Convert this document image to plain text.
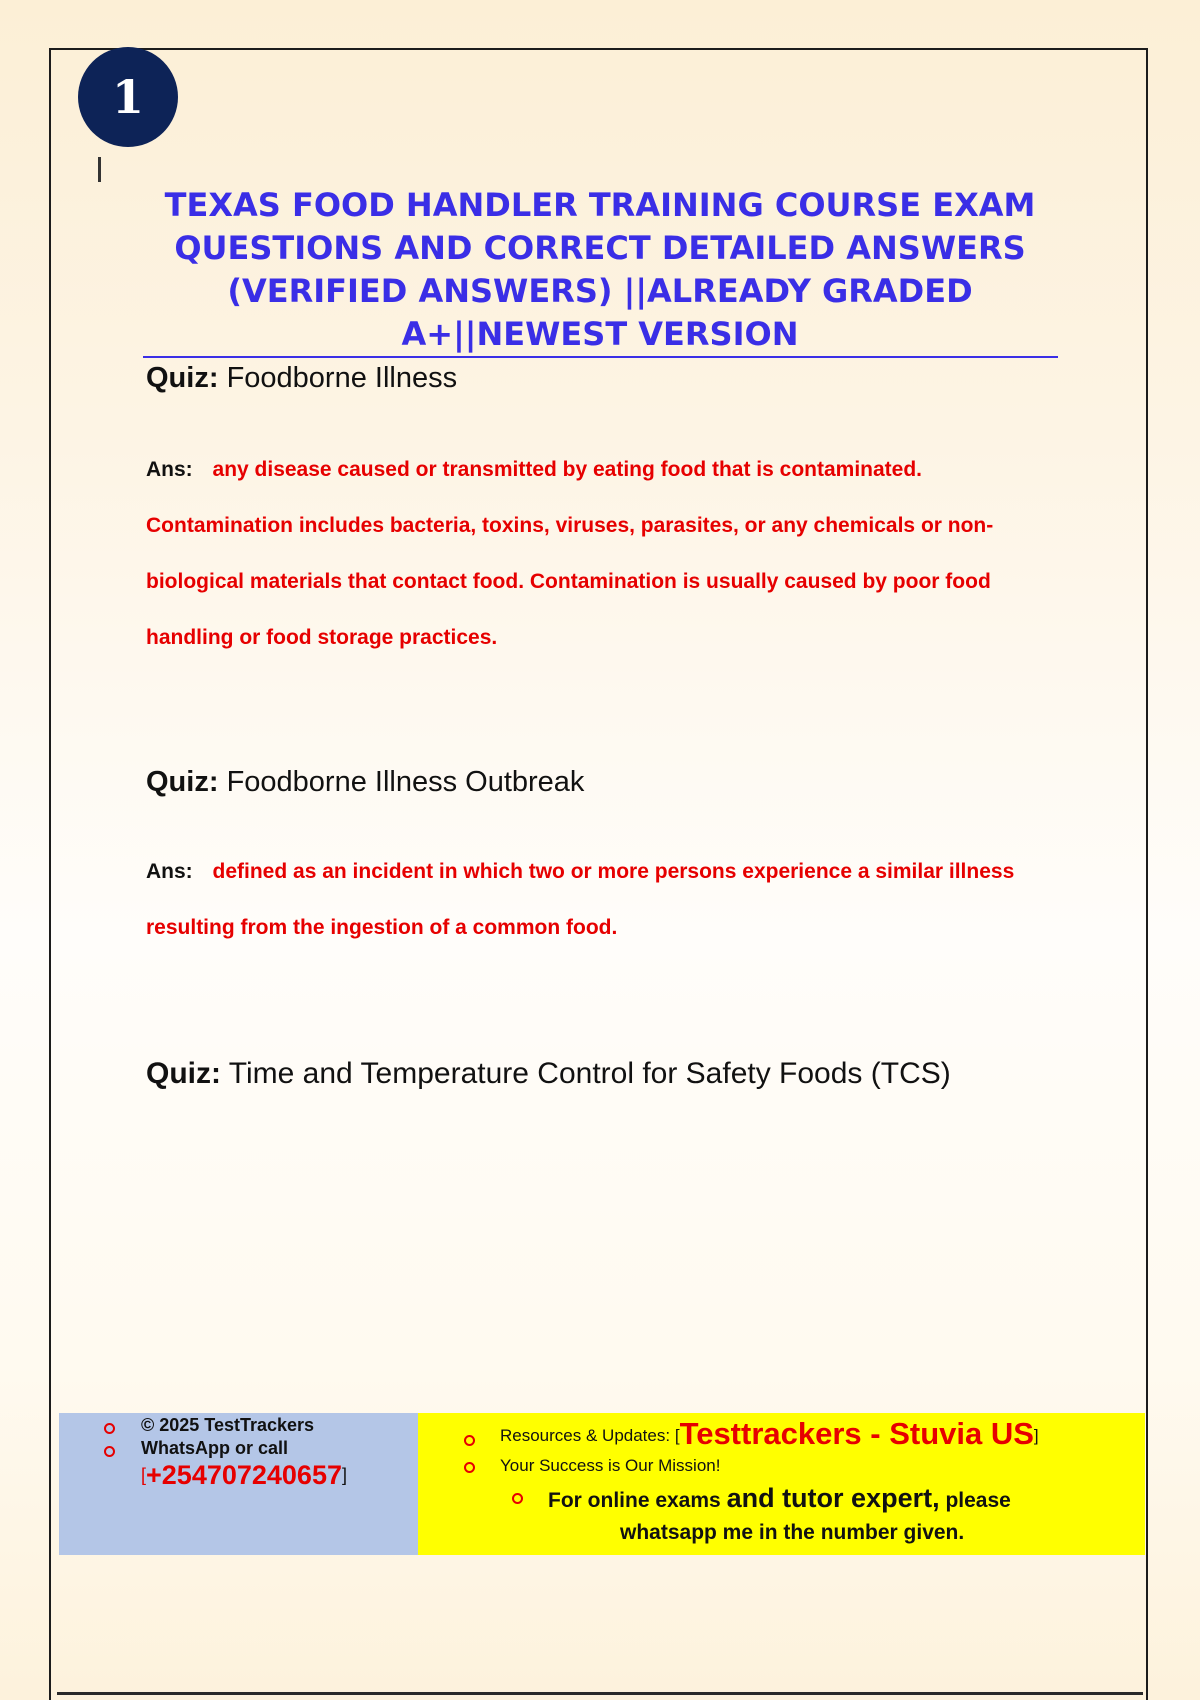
1
TEXAS FOOD HANDLER TRAINING COURSE EXAM QUESTIONS AND CORRECT DETAILED ANSWERS (VERIFIED ANSWERS) ||ALREADY GRADED A+||NEWEST VERSION

Quiz: Foodborne Illness

Ans: any disease caused or transmitted by eating food that is contaminated. Contamination includes bacteria, toxins, viruses, parasites, or any chemicals or non-biological materials that contact food. Contamination is usually caused by poor food handling or food storage practices.

Quiz: Foodborne Illness Outbreak

Ans: defined as an incident in which two or more persons experience a similar illness resulting from the ingestion of a common food.

Quiz: Time and Temperature Control for Safety Foods (TCS)

© 2025 TestTrackers
WhatsApp or call
[+254707240657]
Resources & Updates: [Testtrackers - Stuvia US]
Your Success is Our Mission!
For online exams and tutor expert, please
whatsapp me in the number given.
